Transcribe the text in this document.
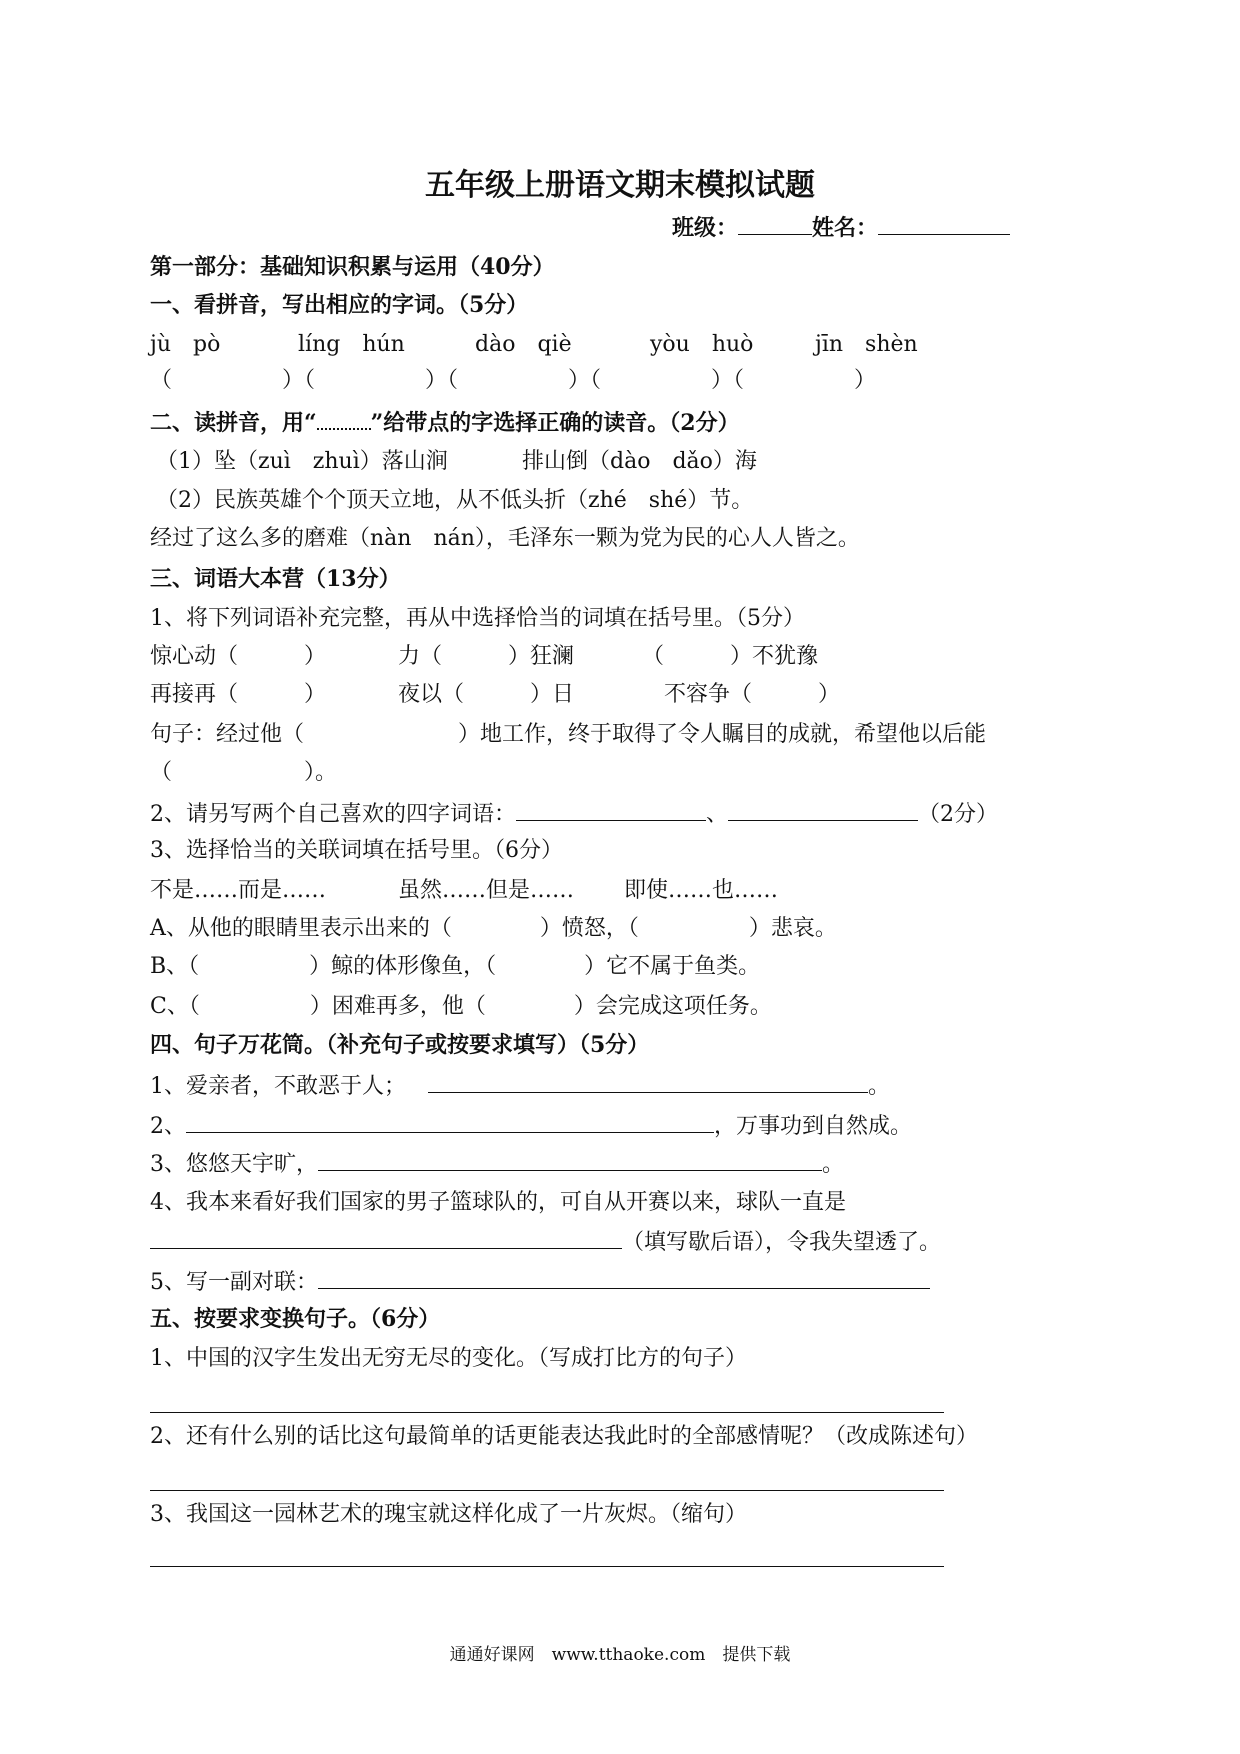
五年级上册语文期末模拟试题
班级：	姓名：
第一部分：基础知识积累与运用（40分）
一、看拼音，写出相应的字词。（5分）
jù　pò	líng　hún	dào　qiè	yòu　huò	jīn　shèn
（　　　　　）（　　　　　）（　　　　　）（　　　　　）（　　　　　）
二、读拼音，用“ ”给带点的字选择正确的读音。（2分）
（1）坠（zuì　zhuì）落山涧	排山倒（dào　dǎo）海
（2）民族英雄个个顶天立地，从不低头折（zhé　shé）节。
经过了这么多的磨难（nàn　nán），毛泽东一颗为党为民的心人人皆之。
三、词语大本营（13分）
1、将下列词语补充完整，再从中选择恰当的词填在括号里。（5分）
惊心动（　　　）	力（　　　）狂澜	（　　　）不犹豫
再接再（　　　）	夜以（　　　）日	不容争（　　　）
句子：经过他（　　　　　　　）地工作，终于取得了令人瞩目的成就，希望他以后能
（　　　　　　）。
2、请另写两个自己喜欢的四字词语：	、	（2分）
3、选择恰当的关联词填在括号里。（6分）
不是……而是……	虽然……但是…… 即使……也……
A、从他的眼睛里表示出来的（　　　　）愤怒，（　　　　　）悲哀。
B、（　　　　　）鲸的体形像鱼，（　　　　）它不属于鱼类。
C、（　　　　　）困难再多，他（　　　　）会完成这项任务。
四、句子万花筒。（补充句子或按要求填写）（5分）
1、爱亲者，不敢恶于人；	。
2、	，万事功到自然成。
3、悠悠天宇旷，	。
4、我本来看好我们国家的男子篮球队的，可自从开赛以来，球队一直是
（填写歇后语），令我失望透了。
5、写一副对联：
五、按要求变换句子。（6分）
1、中国的汉字生发出无穷无尽的变化。（写成打比方的句子）
2、还有什么别的话比这句最简单的话更能表达我此时的全部感情呢？（改成陈述句）
3、我国这一园林艺术的瑰宝就这样化成了一片灰烬。（缩句）
通通好课网　www.tthaoke.com　提供下载
